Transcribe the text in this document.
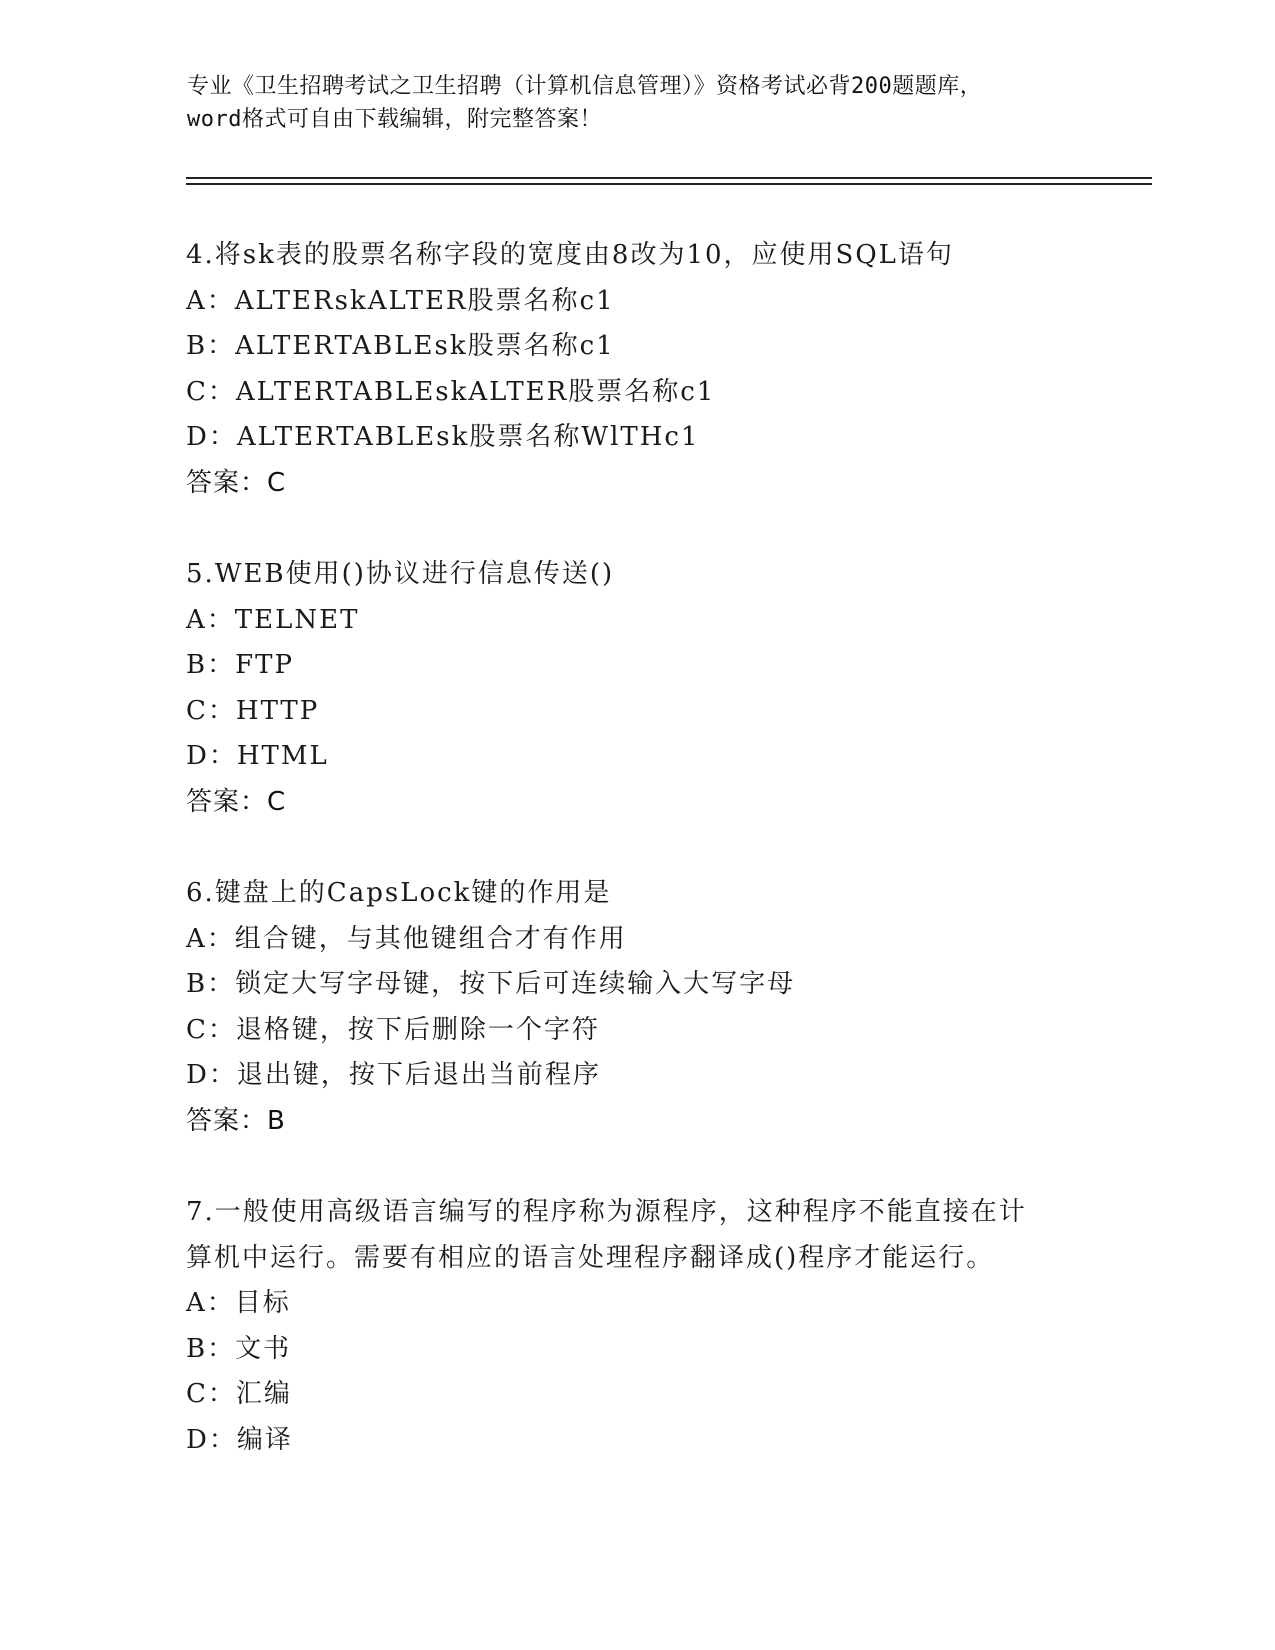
专业《卫生招聘考试之卫生招聘（计算机信息管理）》资格考试必背200题题库，
word格式可自由下载编辑，附完整答案！
4.将sk表的股票名称字段的宽度由8改为10，应使用SQL语句
A：ALTERskALTER股票名称c1
B：ALTERTABLEsk股票名称c1
C：ALTERTABLEskALTER股票名称c1
D：ALTERTABLEsk股票名称WlTHc1
答案：C
5.WEB使用()协议进行信息传送()
A：TELNET
B：FTP
C：HTTP
D：HTML
答案：C
6.键盘上的CapsLock键的作用是
A：组合键，与其他键组合才有作用
B：锁定大写字母键，按下后可连续输入大写字母
C：退格键，按下后删除一个字符
D：退出键，按下后退出当前程序
答案：B
7.一般使用高级语言编写的程序称为源程序，这种程序不能直接在计
算机中运行。需要有相应的语言处理程序翻译成()程序才能运行。
A：目标
B：文书
C：汇编
D：编译
